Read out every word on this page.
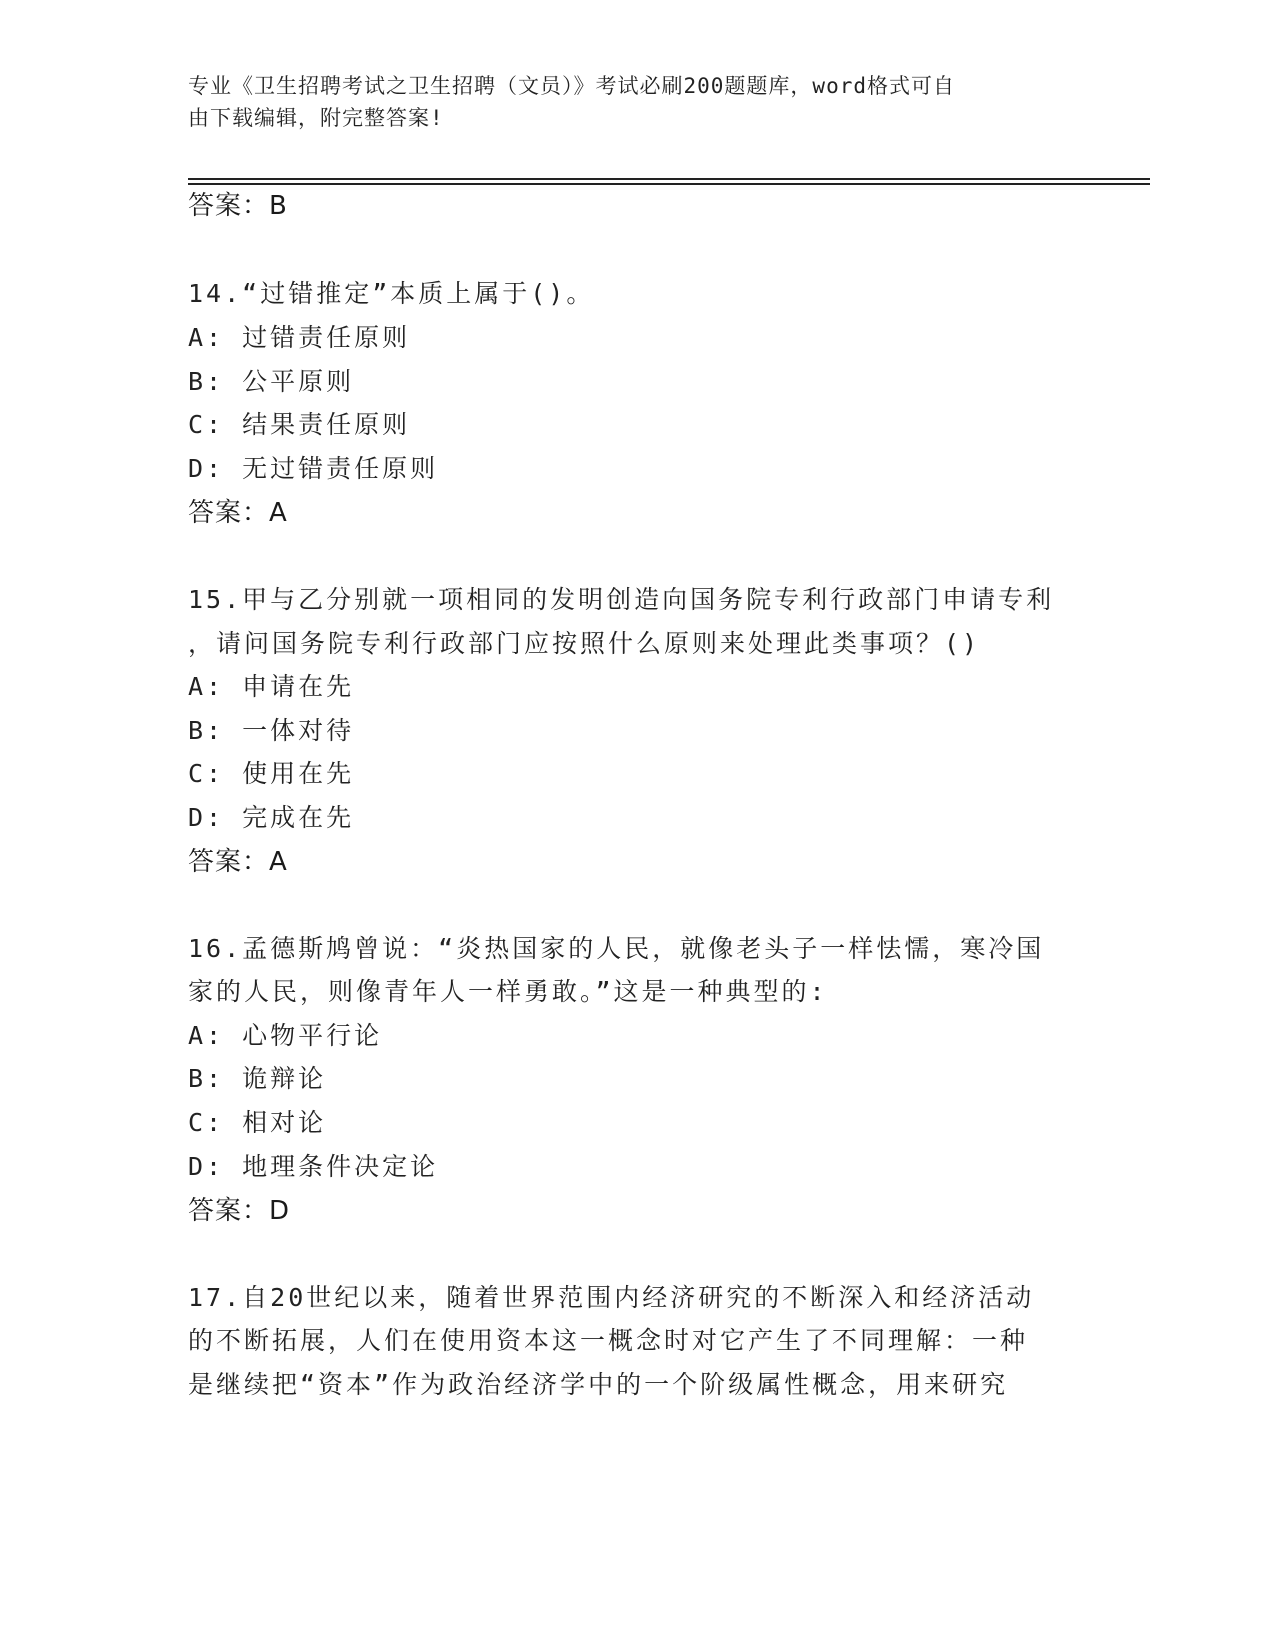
专业《卫生招聘考试之卫生招聘（文员）》考试必刷200题题库，word格式可自
由下载编辑，附完整答案!
答案：B
14.“过错推定”本质上属于()。
A: 过错责任原则
B: 公平原则
C: 结果责任原则
D: 无过错责任原则
答案：A
15.甲与乙分别就一项相同的发明创造向国务院专利行政部门申请专利
，请问国务院专利行政部门应按照什么原则来处理此类事项？()
A: 申请在先
B: 一体对待
C: 使用在先
D: 完成在先
答案：A
16.孟德斯鸠曾说：“炎热国家的人民，就像老头子一样怯懦，寒冷国
家的人民，则像青年人一样勇敢。”这是一种典型的:
A: 心物平行论
B: 诡辩论
C: 相对论
D: 地理条件决定论
答案：D
17.自20世纪以来，随着世界范围内经济研究的不断深入和经济活动
的不断拓展，人们在使用资本这一概念时对它产生了不同理解：一种
是继续把“资本”作为政治经济学中的一个阶级属性概念，用来研究
